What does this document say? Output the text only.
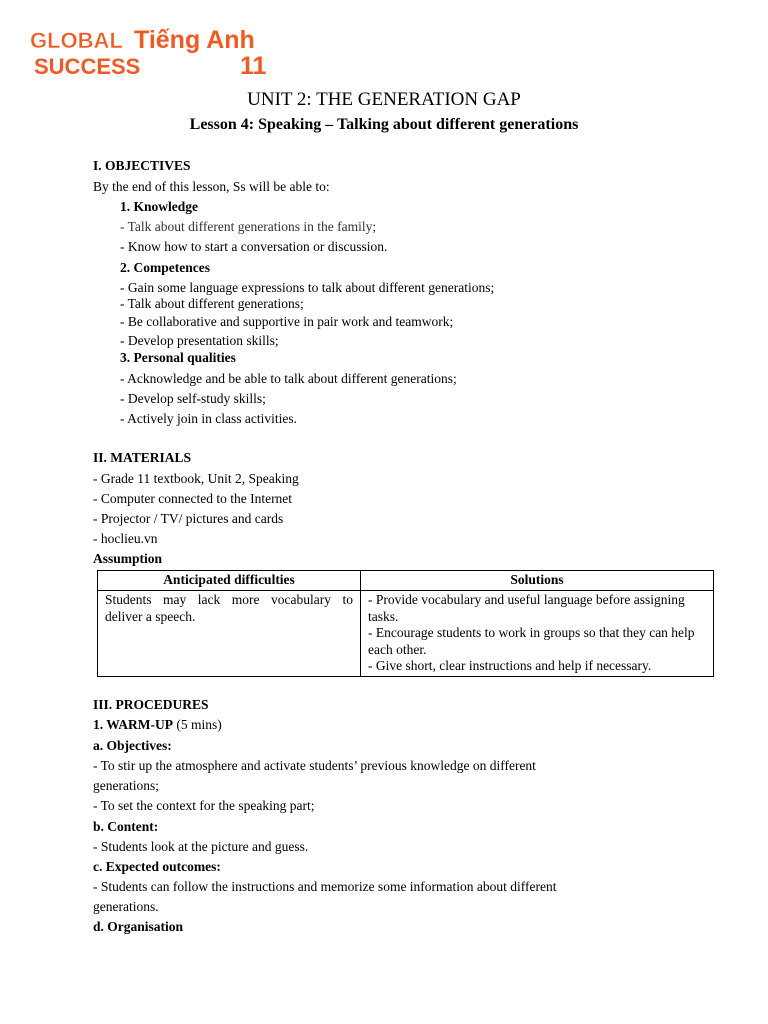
GLOBAL
SUCCESS
Tiếng Anh
11
UNIT 2: THE GENERATION GAP
Lesson 4: Speaking – Talking about different generations
I. OBJECTIVES
By the end of this lesson, Ss will be able to:
1. Knowledge
- Talk about different generations in the family;
- Know how to start a conversation or discussion.
2. Competences
- Gain some language expressions to talk about different generations;
- Talk about different generations;
- Be collaborative and supportive in pair work and teamwork;
- Develop presentation skills;
3. Personal qualities
- Acknowledge and be able to talk about different generations;
- Develop self-study skills;
- Actively join in class activities.
II. MATERIALS
- Grade 11 textbook, Unit 2, Speaking
- Computer connected to the Internet
- Projector / TV/ pictures and cards
- hoclieu.vn
Assumption
Anticipated difficulties	Solutions
Students may lack more vocabulary to deliver a speech.	- Provide vocabulary and useful language before assigning tasks.
- Encourage students to work in groups so that they can help each other.
- Give short, clear instructions and help if necessary.
III. PROCEDURES
1. WARM-UP (5 mins)
a. Objectives:
- To stir up the atmosphere and activate students’ previous knowledge on different
generations;
- To set the context for the speaking part;
b. Content:
- Students look at the picture and guess.
c. Expected outcomes:
- Students can follow the instructions and memorize some information about different
generations.
d. Organisation
